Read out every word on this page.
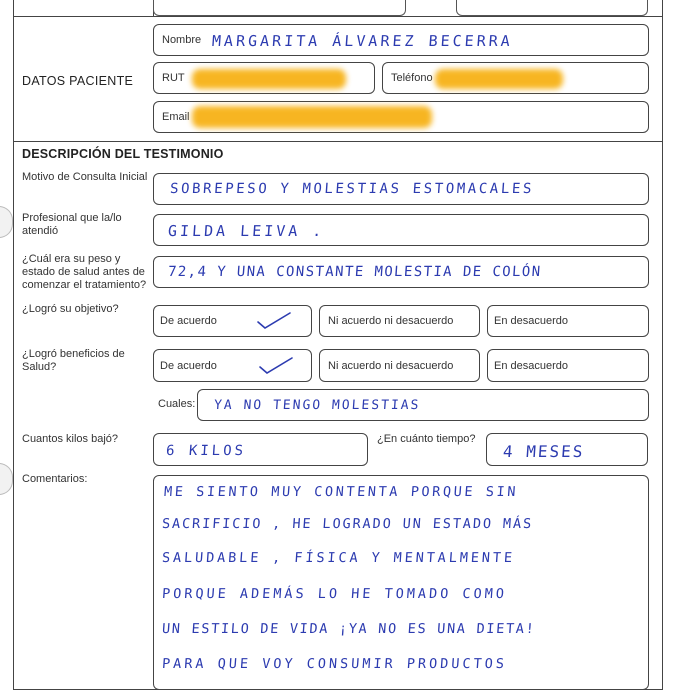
DATOS PACIENTE
Nombre MARGARITA ÁLVAREZ BECERRA
RUT	Teléfono
Email
DESCRIPCIÓN DEL TESTIMONIO
Motivo de Consulta Inicial
SOBREPESO Y MOLESTIAS ESTOMACALES
Profesional que la/lo
atendió	GILDA LEIVA .
¿Cuál era su peso y
estado de salud antes de
comenzar el tratamiento?
72,4 Y UNA CONSTANTE MOLESTIA DE COLÓN
¿Logró su objetivo?
De acuerdo	Ni acuerdo ni desacuerdo	En desacuerdo
¿Logró beneficios de
Salud?	De acuerdo	Ni acuerdo ni desacuerdo	En desacuerdo
Cuales: YA NO TENGO MOLESTIAS
Cuantos kilos bajó?
6 KILOS
¿En cuánto tiempo?
4 MESES
Comentarios:
ME SIENTO MUY CONTENTA PORQUE SIN
SACRIFICIO , HE LOGRADO UN ESTADO MÁS
SALUDABLE , FÍSICA Y MENTALMENTE
PORQUE ADEMÁS LO HE TOMADO COMO
UN ESTILO DE VIDA ¡YA NO ES UNA DIETA!
PARA QUE VOY CONSUMIR PRODUCTOS
